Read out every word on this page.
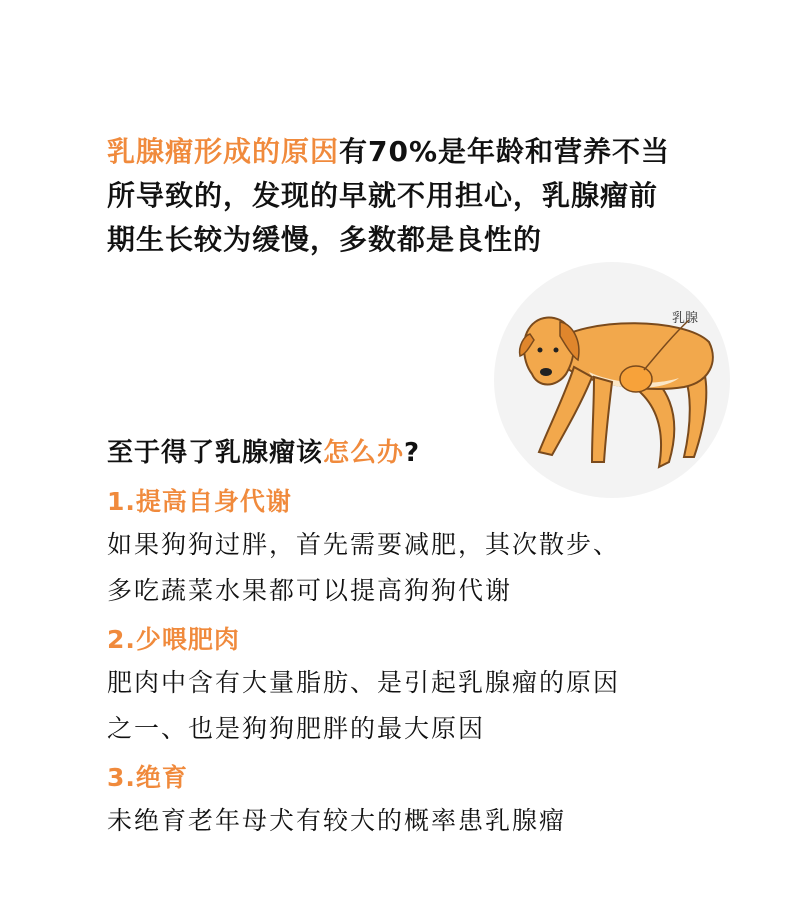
乳腺瘤形成的原因有70%是年龄和营养不当
所导致的，发现的早就不用担心，乳腺瘤前
期生长较为缓慢，多数都是良性的
乳腺
至于得了乳腺瘤该怎么办?
1.提高自身代谢
如果狗狗过胖，首先需要减肥，其次散步、
多吃蔬菜水果都可以提高狗狗代谢
2.少喂肥肉
肥肉中含有大量脂肪、是引起乳腺瘤的原因
之一、也是狗狗肥胖的最大原因
3.绝育
未绝育老年母犬有较大的概率患乳腺瘤
